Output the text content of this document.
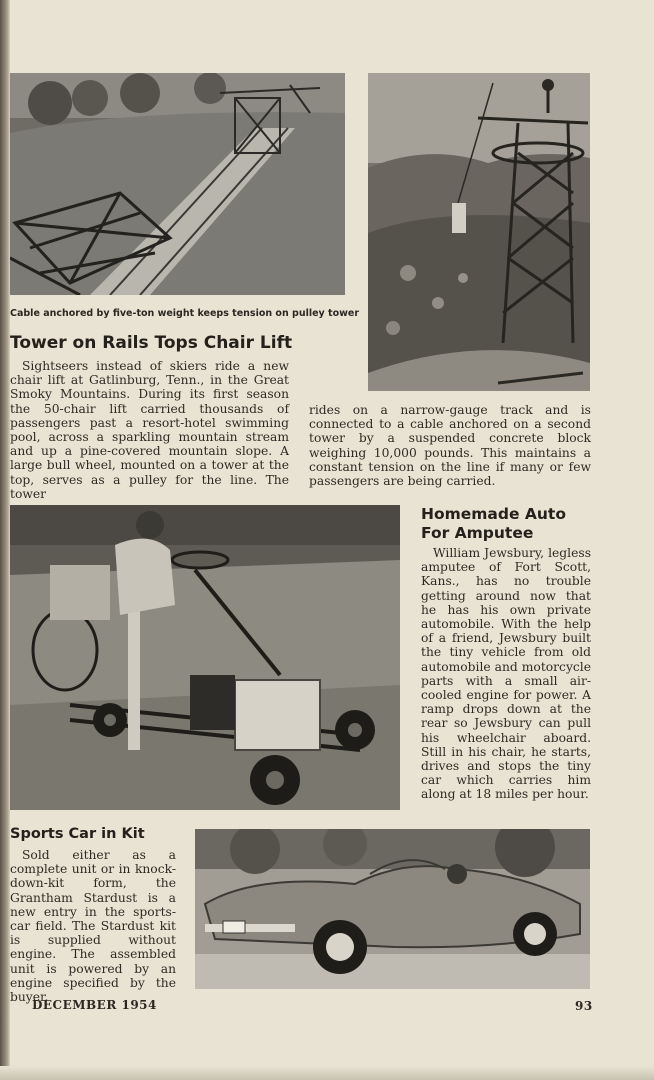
Cable anchored by five-ton weight keeps tension on pulley tower
Tower on Rails Tops Chair Lift

Sightseers instead of skiers ride a new chair lift at Gatlinburg, Tenn., in the Great Smoky Mountains. During its first season the 50-chair lift carried thousands of passengers past a resort-hotel swimming pool, across a sparkling mountain stream and up a pine-covered mountain slope. A large bull wheel, mounted on a tower at the top, serves as a pulley for the line. The tower

rides on a narrow-gauge track and is connected to a cable anchored on a second tower by a suspended concrete block weighing 10,000 pounds. This maintains a constant tension on the line if many or few passengers are being carried.

Homemade Auto
For Amputee

William Jewsbury, legless amputee of Fort Scott, Kans., has no trouble getting around now that he has his own private automobile. With the help of a friend, Jewsbury built the tiny vehicle from old automobile and motorcycle parts with a small air-cooled engine for power. A ramp drops down at the rear so Jewsbury can pull his wheelchair aboard. Still in his chair, he starts, drives and stops the tiny car which carries him along at 18 miles per hour.

Sports Car in Kit

Sold either as a complete unit or in knock-down-kit form, the Grantham Stardust is a new entry in the sports-car field. The Stardust kit is supplied without engine. The assembled unit is powered by an engine specified by the buyer.

DECEMBER 1954	93
